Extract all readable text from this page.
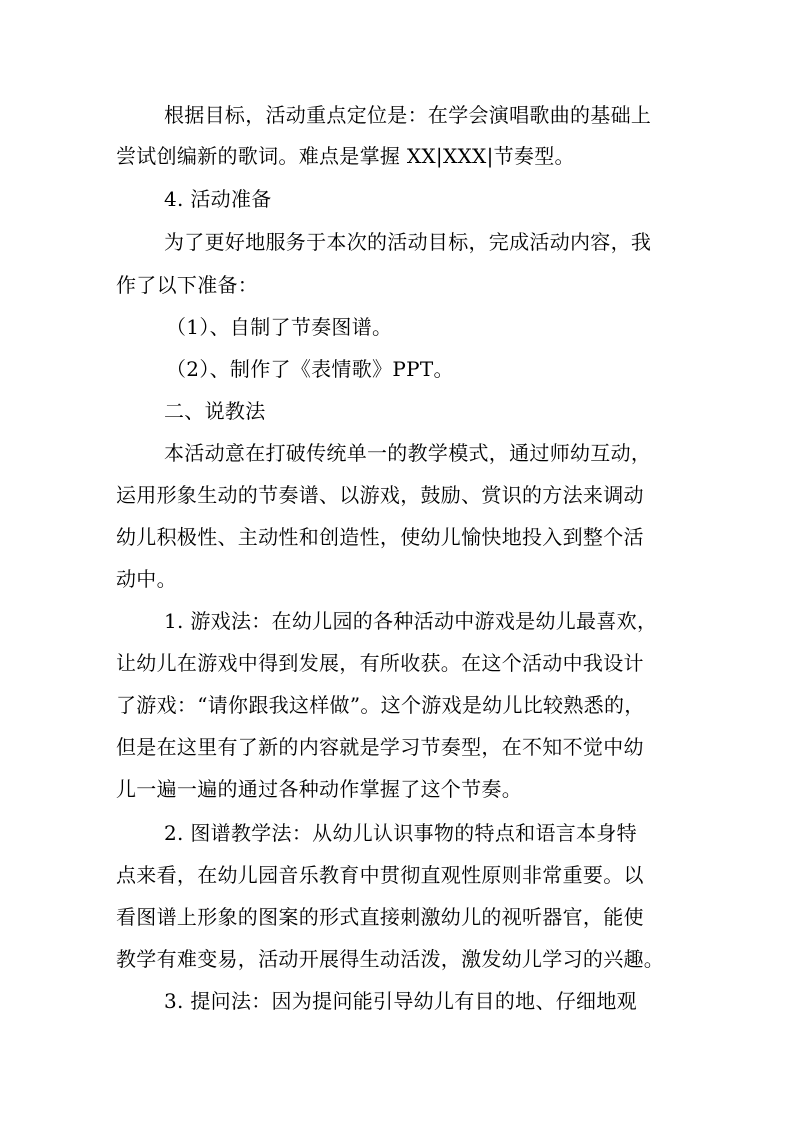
根据目标，活动重点定位是：在学会演唱歌曲的基础上
尝试创编新的歌词。难点是掌握 XX|XXX|节奏型。
4. 活动准备
为了更好地服务于本次的活动目标，完成活动内容，我
作了以下准备：
（1）、自制了节奏图谱。
（2）、制作了《表情歌》PPT。
二、说教法
本活动意在打破传统单一的教学模式，通过师幼互动，
运用形象生动的节奏谱、以游戏，鼓励、赏识的方法来调动
幼儿积极性、主动性和创造性，使幼儿愉快地投入到整个活
动中。
1. 游戏法：在幼儿园的各种活动中游戏是幼儿最喜欢，
让幼儿在游戏中得到发展，有所收获。在这个活动中我设计
了游戏：“请你跟我这样做”。这个游戏是幼儿比较熟悉的，
但是在这里有了新的内容就是学习节奏型，在不知不觉中幼
儿一遍一遍的通过各种动作掌握了这个节奏。
2. 图谱教学法：从幼儿认识事物的特点和语言本身特
点来看，在幼儿园音乐教育中贯彻直观性原则非常重要。以
看图谱上形象的图案的形式直接刺激幼儿的视听器官，能使
教学有难变易，活动开展得生动活泼，激发幼儿学习的兴趣。
3. 提问法：因为提问能引导幼儿有目的地、仔细地观
